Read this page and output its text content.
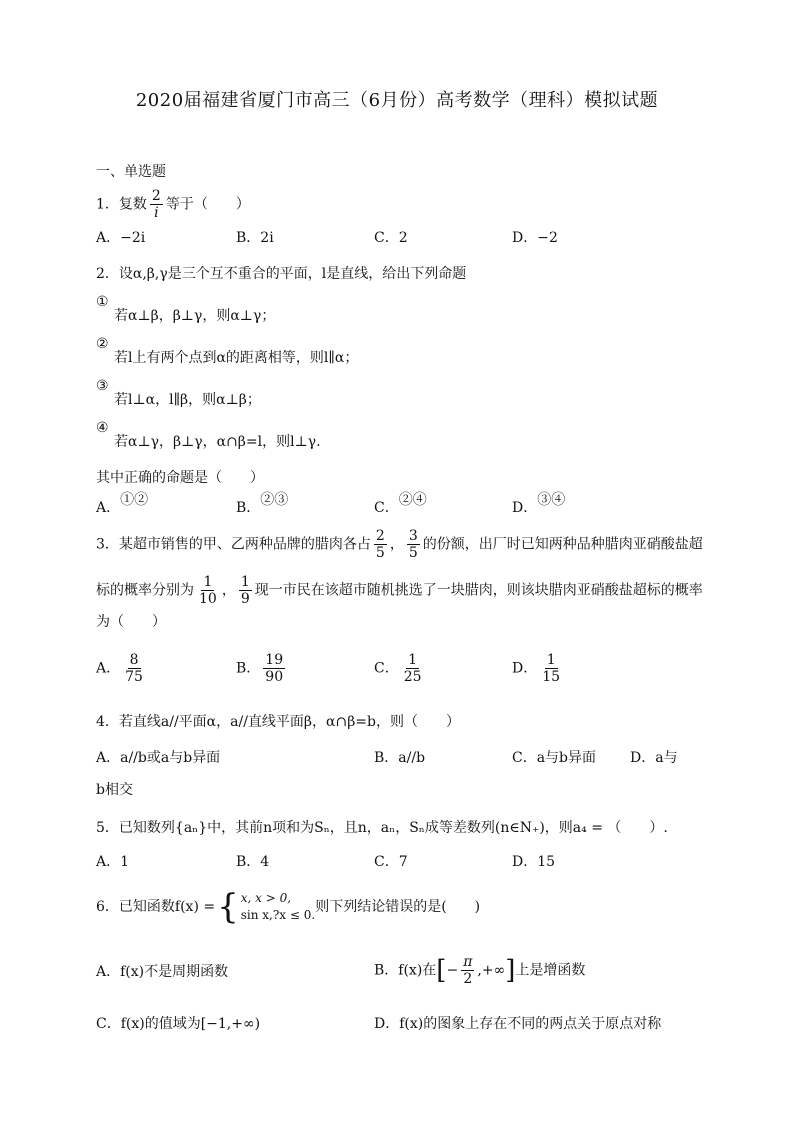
2020届福建省厦门市高三（6月份）高考数学（理科）模拟试题
一、单选题
1．复数 $\frac{2}{i}$ 等于（　　）
A．−2i	B．2i	C．2	D．−2
2．设α,β,γ是三个互不重合的平面，l是直线，给出下列命题
①
若α⊥β，β⊥γ，则α⊥γ；
②
若l上有两个点到α的距离相等，则l∥α；
③
若l⊥α，l∥β，则α⊥β；
④
若α⊥γ，β⊥γ，α∩β=l，则l⊥γ.
其中正确的命题是（　　）
A．①②	B．②③	C．②④	D．③④
3．某超市销售的甲、乙两种品牌的腊肉各占 $\frac{2}{5}$ ， $\frac{3}{5}$ 的份额，出厂时已知两种品种腊肉亚硝酸盐超
标的概率分别为 $\frac{1}{10}$ ， $\frac{1}{9}$ 现一市民在该超市随机挑选了一块腊肉，则该块腊肉亚硝酸盐超标的概率
为（　　）
A． $\frac{8}{75}$	B． $\frac{19}{90}$	C． $\frac{1}{25}$	D． $\frac{1}{15}$
4．若直线a//平面α，a//直线平面β，α∩β=b，则（　　）
A．a//b或a与b异面	B．a//b	C．a与b异面 D．a与
b相交
5．已知数列{aₙ}中，其前n项和为Sₙ，且n，aₙ，Sₙ成等差数列(n∈N₊)，则a₄ = （　　）.
A．1	B．4	C．7	D．15
6．已知函数f(x) = { x, x > 0,
sin x,?x ≤ 0. 则下列结论错误的是(　　)
A．f(x)不是周期函数	B．f(x)在[− $\frac{\pi}{2}$ ,+∞]上是增函数
C．f(x)的值域为[−1,+∞)	D．f(x)的图象上存在不同的两点关于原点对称
